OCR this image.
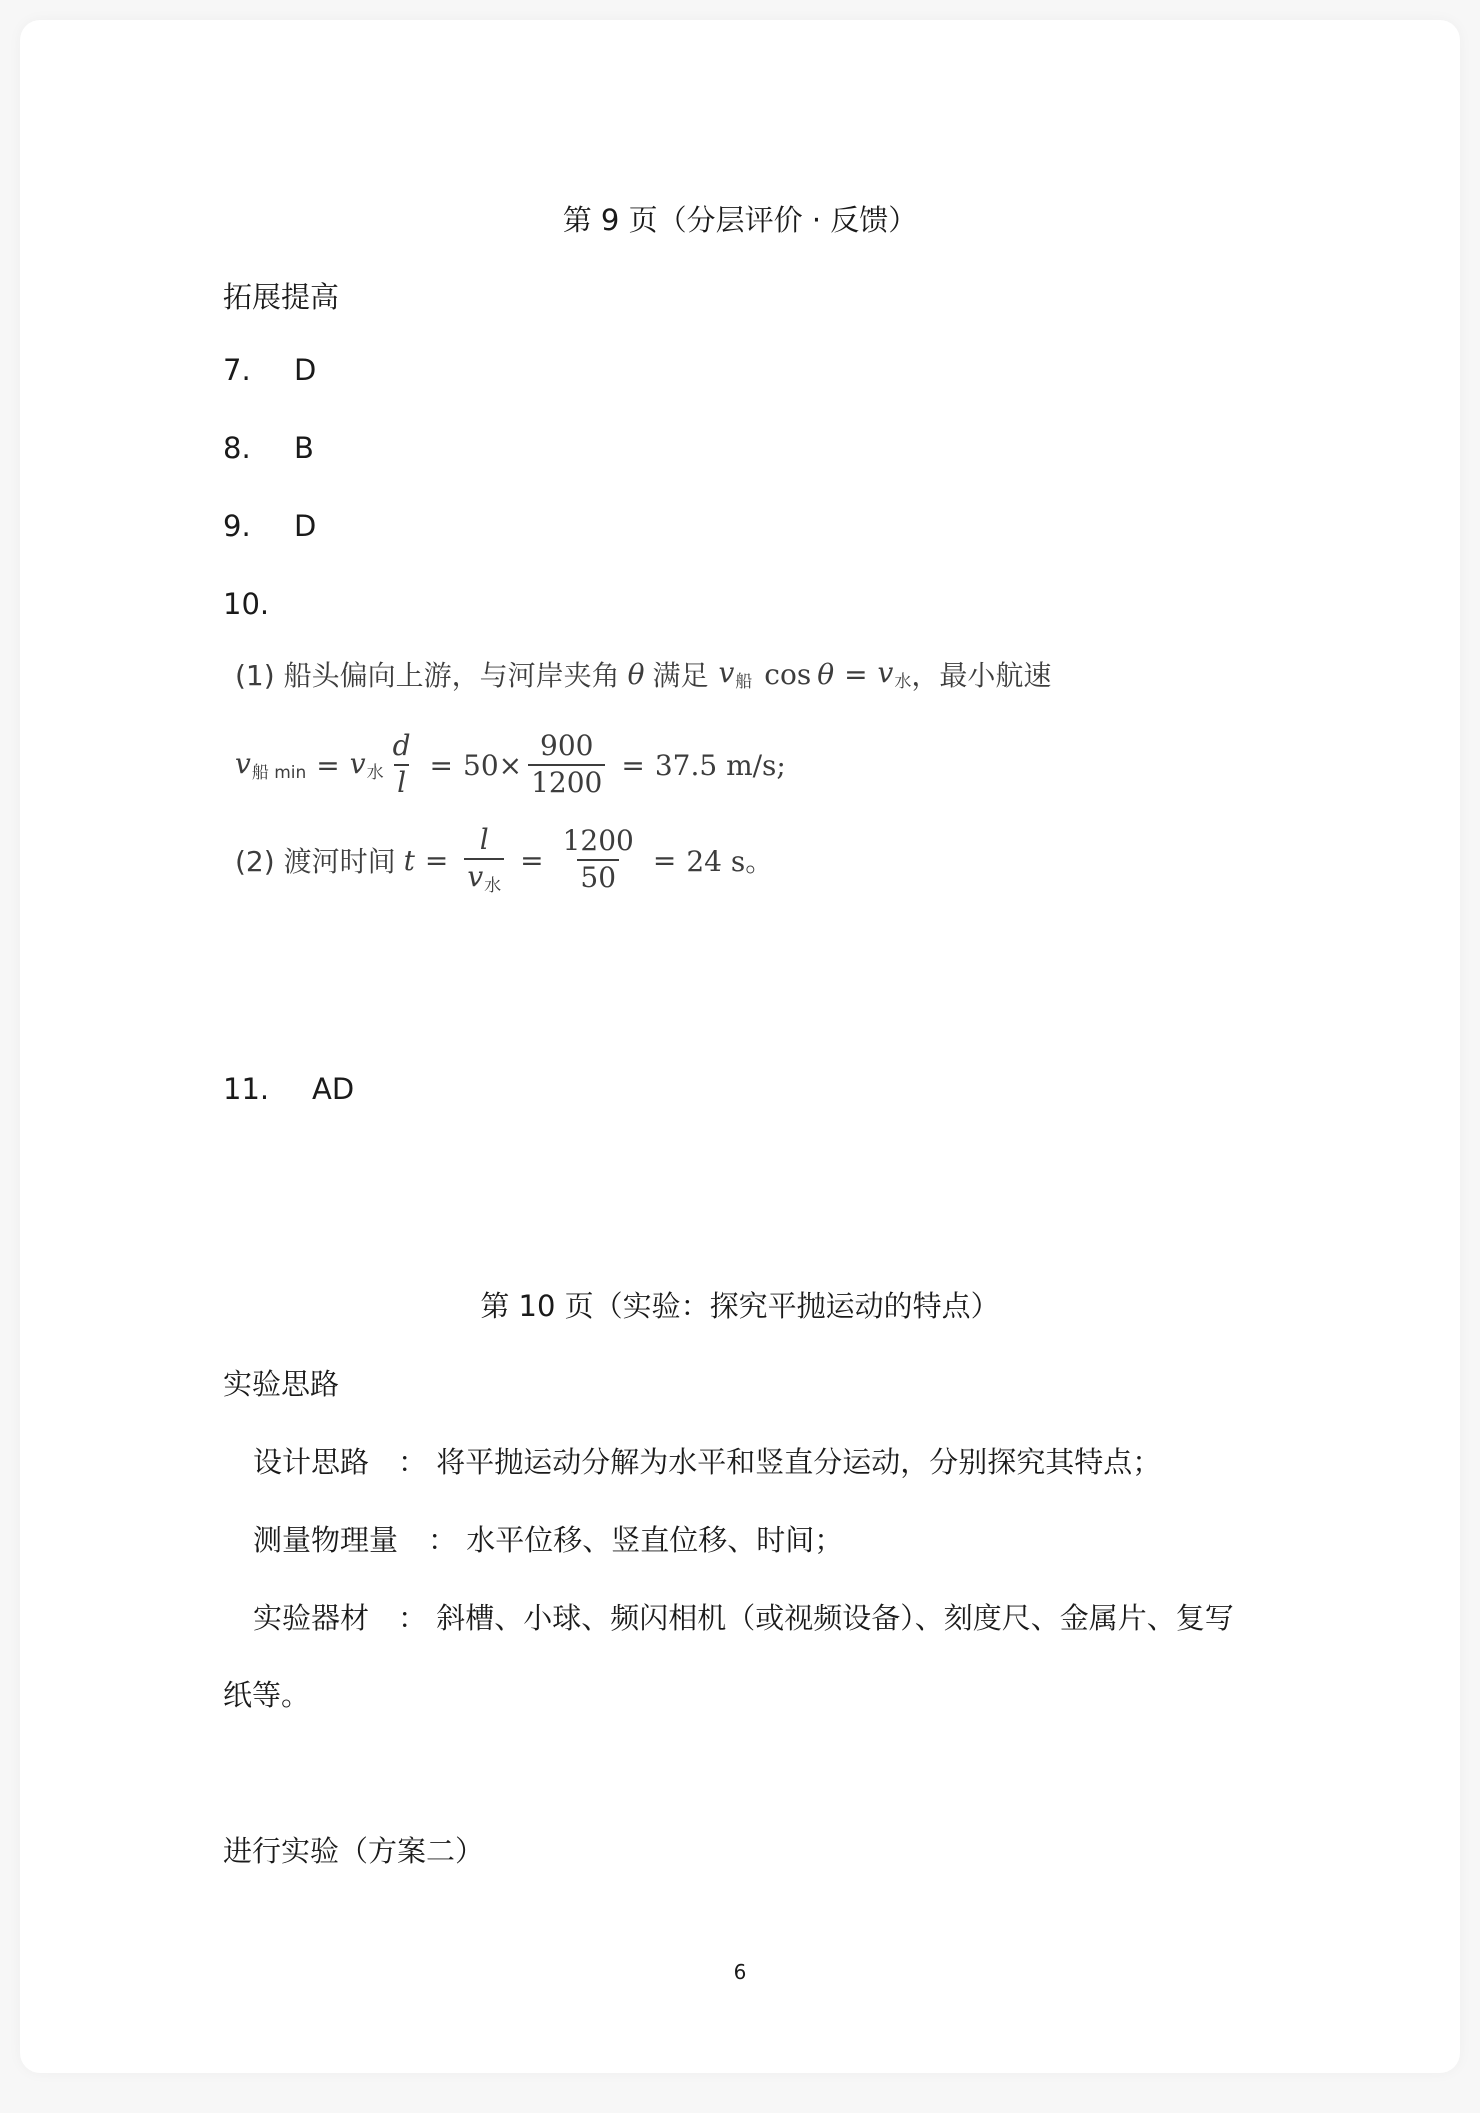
第 9 页（分层评价 · 反馈）
拓展提高
7. D
8. B
9. D
10.
(1) 船头偏向上游，与河岸夹角 θ 满足 $v_船$ $\cos \theta = v_水$ ，最小航速
$v_{船 min} = v_水 \frac{d}{l} = 50\times \frac{900}{1200} = 37.5$ m/s;
(2) 渡河时间 $t = \frac{l}{v_水} = \frac{1200}{50} = 24$ s。
11. AD
第 10 页（实验：探究平抛运动的特点）
实验思路
设计思路 ： 将平抛运动分解为水平和竖直分运动，分别探究其特点；
测量物理量 ： 水平位移、竖直位移、时间；
实验器材 ： 斜槽、小球、频闪相机（或视频设备）、刻度尺、金属片、复写
纸等。
进行实验（方案二）
6
